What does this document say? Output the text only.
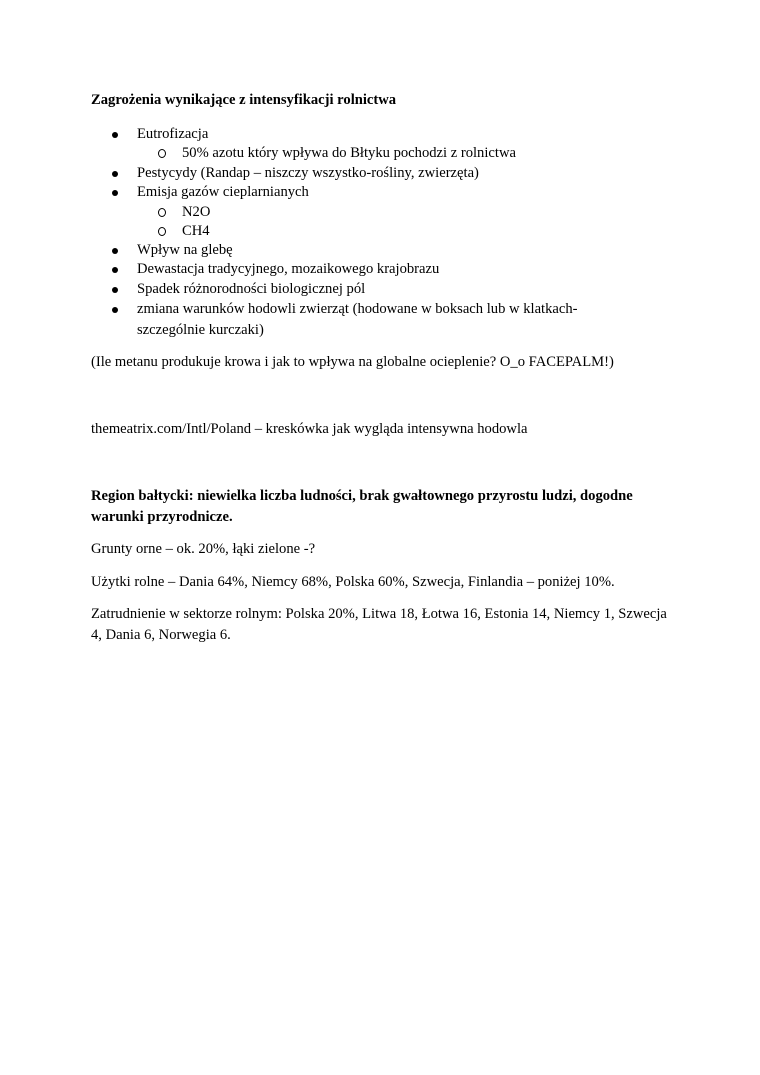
Zagrożenia wynikające z intensyfikacji rolnictwa
Eutrofizacja
50% azotu który wpływa do Błtyku pochodzi z rolnictwa
Pestycydy (Randap – niszczy wszystko-rośliny, zwierzęta)
Emisja gazów cieplarnianych
N2O
CH4
Wpływ na glebę
Dewastacja tradycyjnego, mozaikowego krajobrazu
Spadek różnorodności biologicznej pól
zmiana warunków hodowli zwierząt (hodowane w boksach lub w klatkach-szczególnie kurczaki)
(Ile metanu produkuje krowa i jak to wpływa na globalne ocieplenie? O_o FACEPALM!)
themeatrix.com/Intl/Poland – kreskówka jak wygląda intensywna hodowla
Region bałtycki: niewielka liczba ludności, brak gwałtownego przyrostu ludzi, dogodne warunki przyrodnicze.
Grunty orne – ok. 20%, łąki zielone -?
Użytki rolne – Dania 64%, Niemcy 68%, Polska 60%, Szwecja, Finlandia – poniżej 10%.
Zatrudnienie w sektorze rolnym: Polska 20%, Litwa 18, Łotwa 16, Estonia 14, Niemcy 1, Szwecja 4, Dania 6, Norwegia 6.
